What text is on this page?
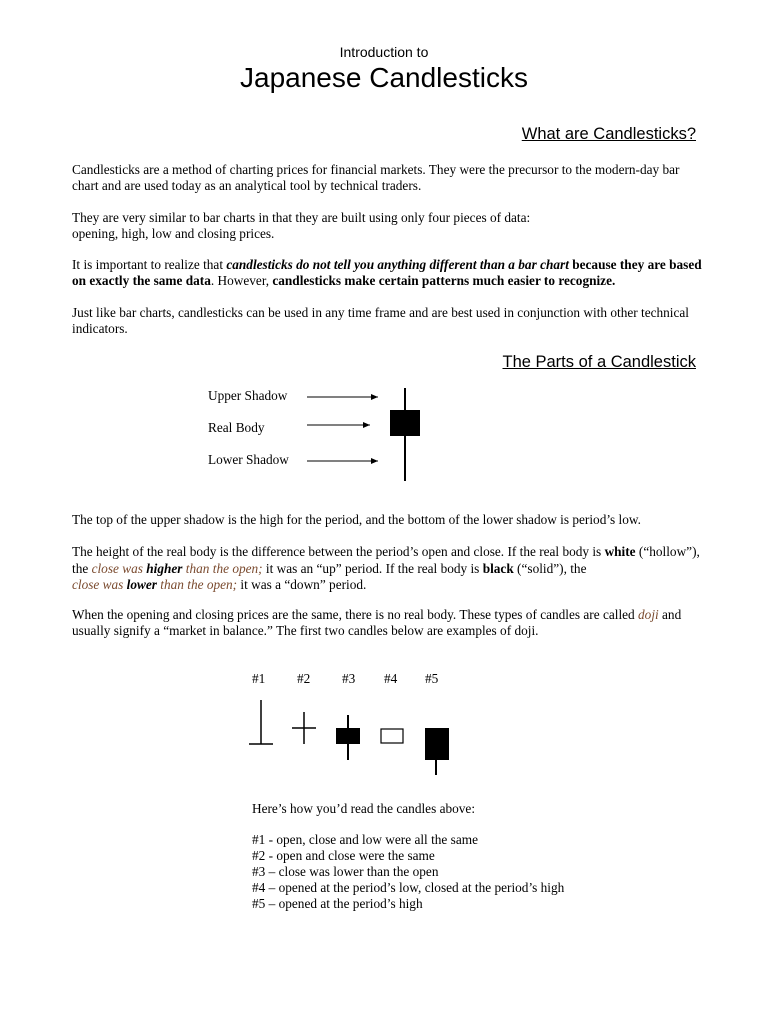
Introduction to
Japanese Candlesticks
What are Candlesticks?
Candlesticks are a method of charting prices for financial markets. They were the precursor to the modern-day bar chart and are used today as an analytical tool by technical traders.
They are very similar to bar charts in that they are built using only four pieces of data:
opening, high, low and closing prices.
It is important to realize that candlesticks do not tell you anything different than a bar chart because they are based on exactly the same data. However, candlesticks make certain patterns much easier to recognize.
Just like bar charts, candlesticks can be used in any time frame and are best used in conjunction with other technical indicators.
The Parts of a Candlestick
Upper Shadow
Real Body
Lower Shadow
The top of the upper shadow is the high for the period, and the bottom of the lower shadow is period’s low.
The height of the real body is the difference between the period’s open and close. If the real body is white (“hollow”), the close was higher than the open; it was an “up” period. If the real body is black (“solid”), the
close was lower than the open; it was a “down” period.
When the opening and closing prices are the same, there is no real body. These types of candles are called doji and usually signify a “market in balance.” The first two candles below are examples of doji.
#1 #2 #3 #4 #5
Here’s how you’d read the candles above:
#1 - open, close and low were all the same
#2 - open and close were the same
#3 – close was lower than the open
#4 – opened at the period’s low, closed at the period’s high
#5 – opened at the period’s high
